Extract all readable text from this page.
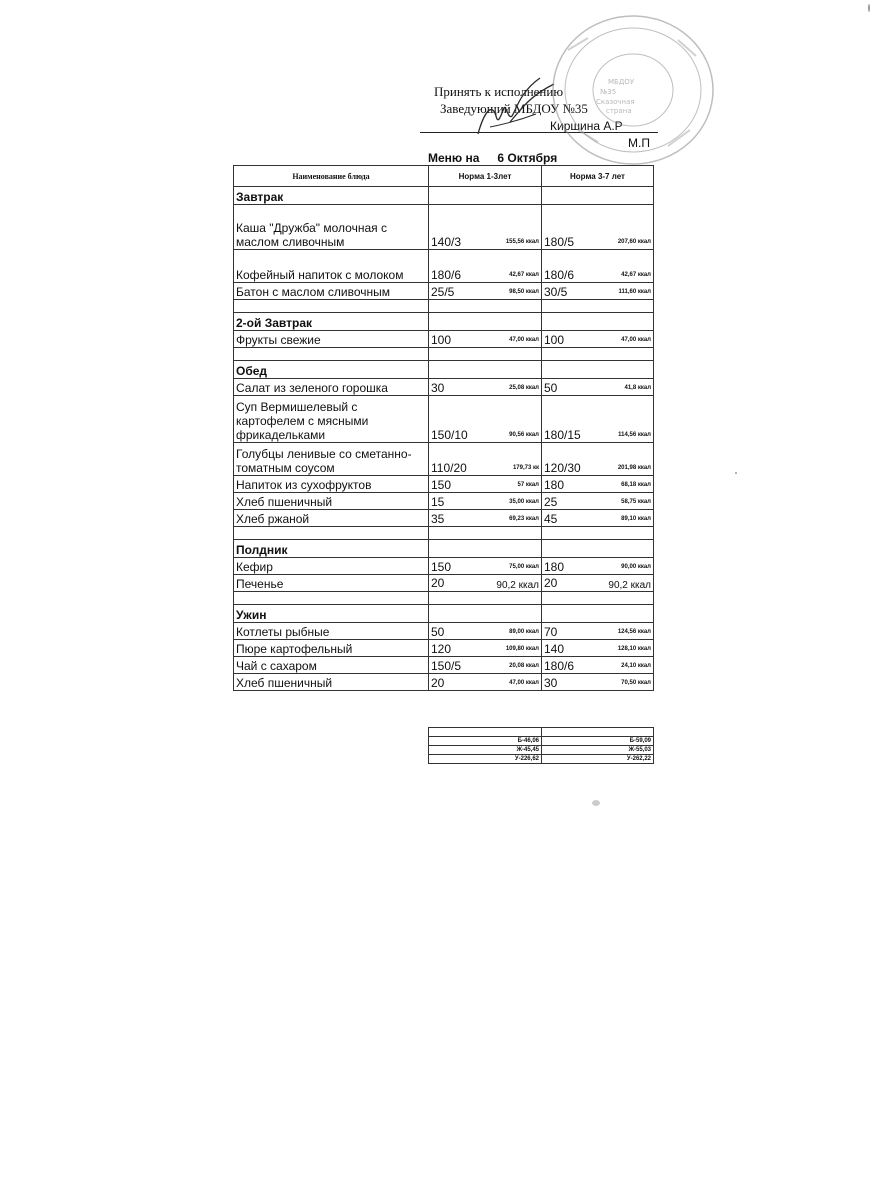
Принять к исполнению
Заведующий МБДОУ №35
Киршина А.Р
М.П
МБДОУ
№35
Сказочная
страна
Меню на 6 Октября
Наименование блюда	Норма 1-3лет	Норма 3-7 лет
Завтрак		
Каша "Дружба" молочная с маслом сливочным	140/3 155,56 ккал	180/5 207,60 ккал

Кофейный напиток с молоком	180/6 42,67 ккал	180/6 42,67 ккал

Батон с маслом сливочным	25/5 98,50 ккал	30/5 111,60 ккал

2-ой Завтрак		
Фрукты свежие	100 47,00 ккал	100 47,00 ккал

Обед		
Салат из зеленого горошка	30 25,08 ккал	50 41,8 ккал

Суп Вермишелевый с картофелем с мясными фрикадельками	150/10 90,56 ккал	180/15 114,56 ккал

Голубцы ленивые со сметанно-томатным соусом	110/20 179,73 кк	120/30 201,98 ккал

Напиток из сухофруктов	150 57 ккал	180 68,18 ккал

Хлеб пшеничный	15 35,00 ккал	25 58,75 ккал

Хлеб ржаной	35 69,23 ккал	45 89,10 ккал

Полдник		
Кефир	150 75,00 ккал	180 90,00 ккал

Печенье	20 90,2 ккал	20 90,2 ккал

Ужин		
Котлеты рыбные	50 89,00 ккал	70 124,56 ккал

Пюре картофельный	120 109,80 ккал	140 128,10 ккал

Чай с сахаром	150/5 20,08 ккал	180/6 24,10 ккал

Хлеб пшеничный	20 47,00 ккал	30 70,50 ккал

Б-46,06	Б-59,09
Ж-45,45	Ж-55,03
У-226,62	У-262,22
